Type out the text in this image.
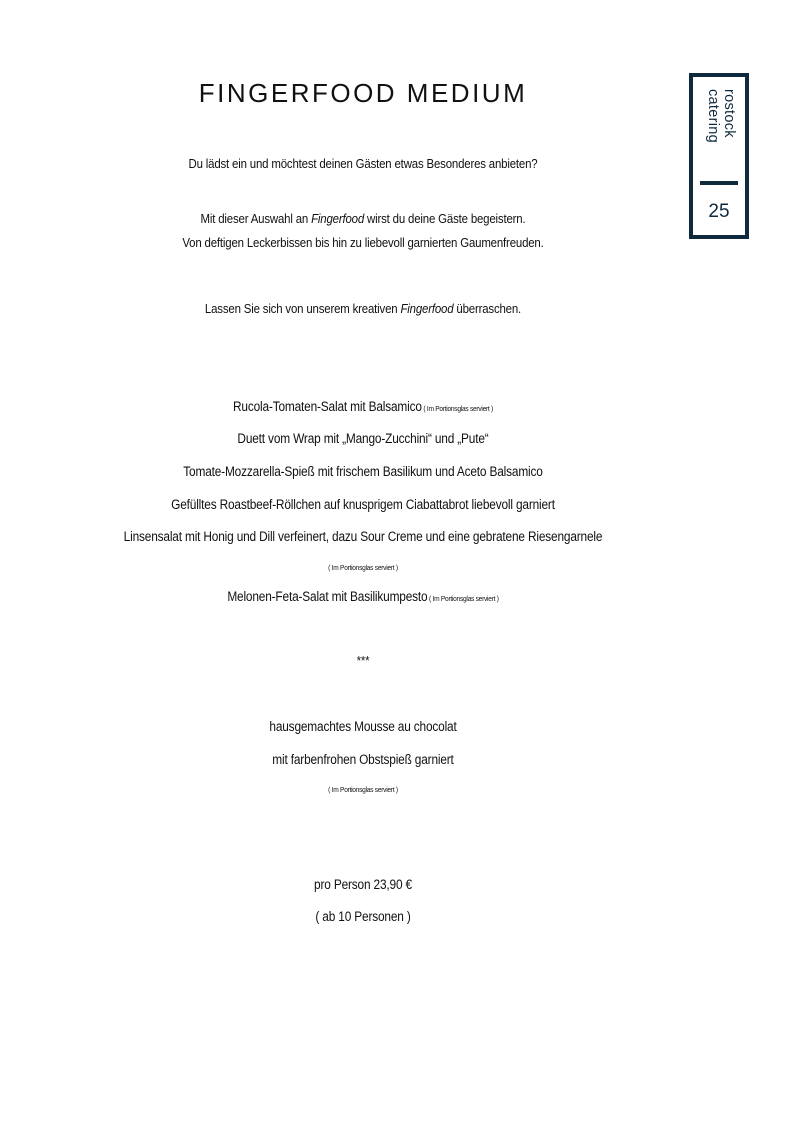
FINGERFOOD MEDIUM	rostock
catering
25
Du lädst ein und möchtest deinen Gästen etwas Besonderes anbieten?
Mit dieser Auswahl an Fingerfood wirst du deine Gäste begeistern.
Von deftigen Leckerbissen bis hin zu liebevoll garnierten Gaumenfreuden.
Lassen Sie sich von unserem kreativen Fingerfood überraschen.
Rucola-Tomaten-Salat mit Balsamico ( Im Portionsglas serviert )
Duett vom Wrap mit „Mango-Zucchini“ und „Pute“
Tomate-Mozzarella-Spieß mit frischem Basilikum und Aceto Balsamico
Gefülltes Roastbeef-Röllchen auf knusprigem Ciabattabrot liebevoll garniert
Linsensalat mit Honig und Dill verfeinert, dazu Sour Creme und eine gebratene Riesengarnele
( Im Portionsglas serviert )
Melonen-Feta-Salat mit Basilikumpesto ( Im Portionsglas serviert )
***
hausgemachtes Mousse au chocolat
mit farbenfrohen Obstspieß garniert
( Im Portionsglas serviert )
pro Person 23,90 €
( ab 10 Personen )
